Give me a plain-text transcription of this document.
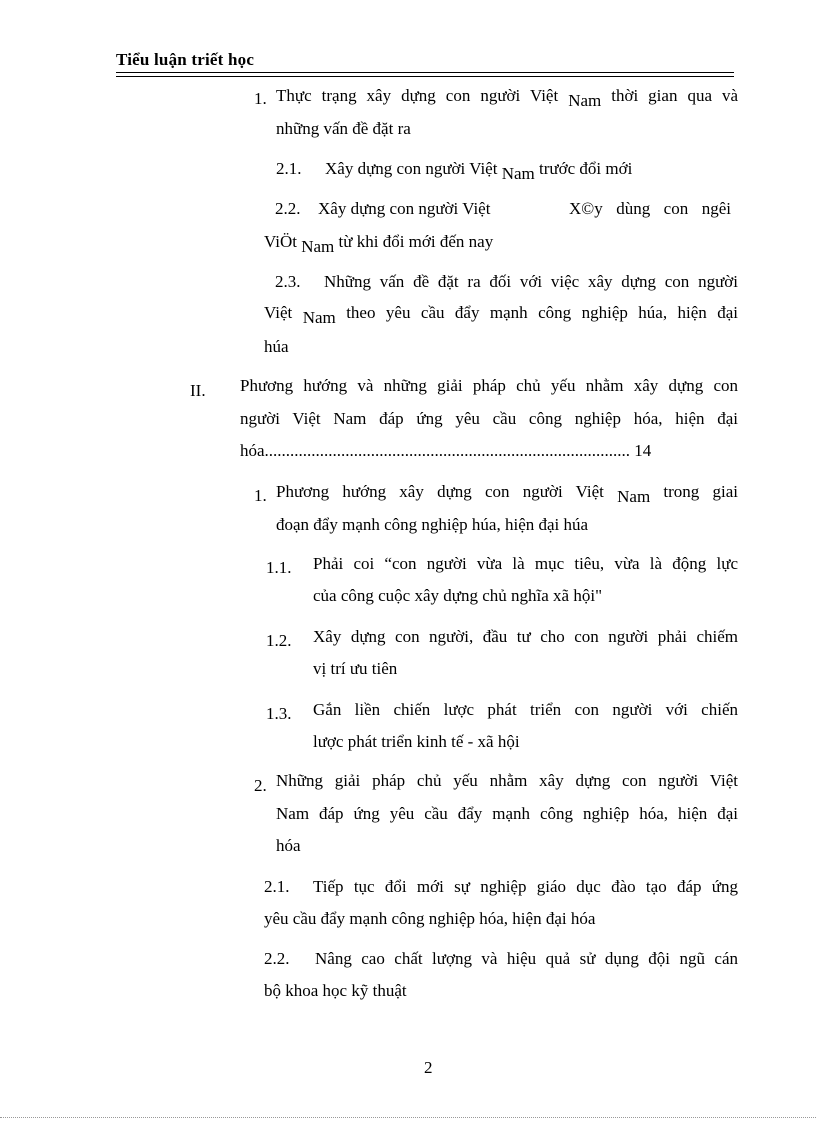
Tiểu luận triết học
1. Thực trạng xây dựng con người Việt Nam thời gian qua và
những vấn đề đặt ra
2.1. Xây dựng con người Việt Nam trước đổi mới
2.2. Xây dựng con người Việt	X©y dùng con ngêi
ViÖt Nam từ khi đổi mới đến nay
2.3. Những vấn đề đặt ra đối với việc xây dựng con người
Việt Nam theo yêu cầu đẩy mạnh công nghiệp húa, hiện đại
húa
II. Phương hướng và những giải pháp chủ yếu nhằm xây dựng con
người Việt Nam đáp ứng yêu cầu công nghiệp hóa, hiện đại
hóa...................................................................................... 14
1. Phương hướng xây dựng con người Việt Nam trong giai
đoạn đẩy mạnh công nghiệp húa, hiện đại húa
1.1. Phải coi “con người vừa là mục tiêu, vừa là động lực
của công cuộc xây dựng chủ nghĩa xã hội"
1.2. Xây dựng con người, đầu tư cho con người phải chiếm
vị trí ưu tiên
1.3. Gắn liền chiến lược phát triển con người với chiến
lược phát triển kinh tế - xã hội
2. Những giải pháp chủ yếu nhằm xây dựng con người Việt
Nam đáp ứng yêu cầu đẩy mạnh công nghiệp hóa, hiện đại
hóa
2.1. Tiếp tục đổi mới sự nghiệp giáo dục đào tạo đáp ứng
yêu cầu đẩy mạnh công nghiệp hóa, hiện đại hóa
2.2. Nâng cao chất lượng và hiệu quả sử dụng đội ngũ cán
bộ khoa học kỹ thuật
2
